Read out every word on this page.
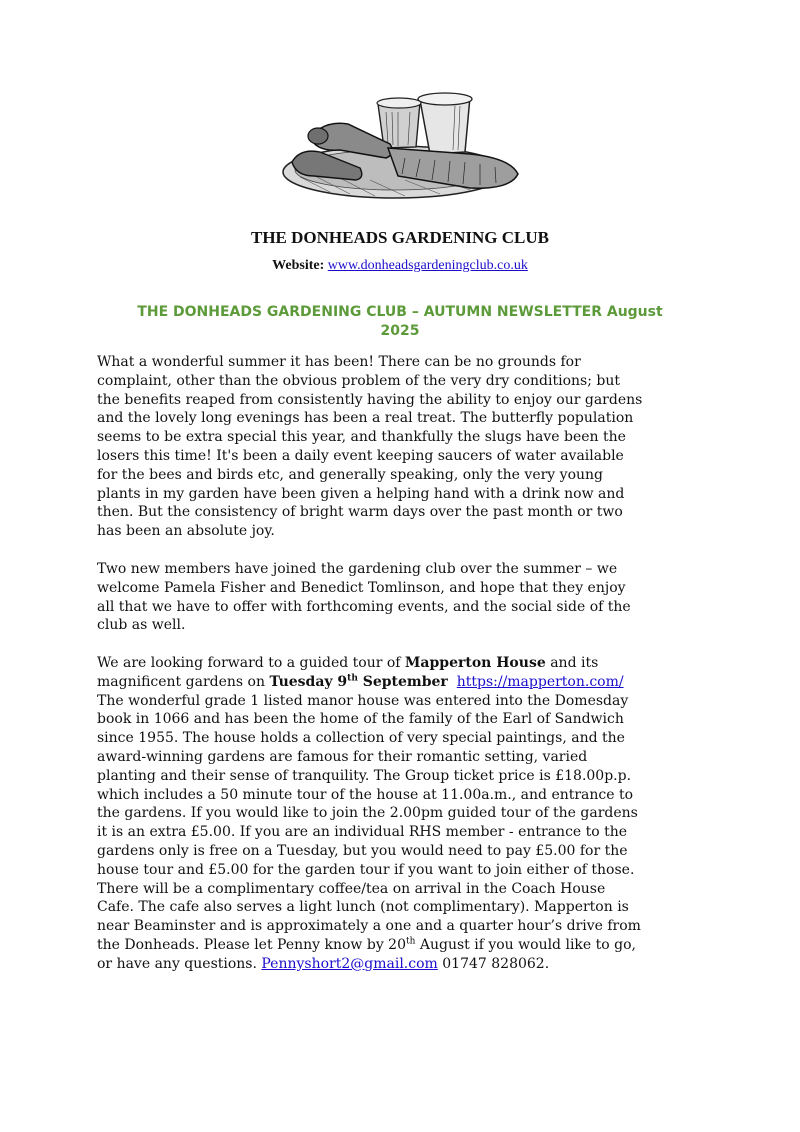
THE DONHEADS GARDENING CLUB
Website: www.donheadsgardeningclub.co.uk
THE DONHEADS GARDENING CLUB – AUTUMN NEWSLETTER August
2025

What a wonderful summer it has been! There can be no grounds for
complaint, other than the obvious problem of the very dry conditions; but
the benefits reaped from consistently having the ability to enjoy our gardens
and the lovely long evenings has been a real treat. The butterfly population
seems to be extra special this year, and thankfully the slugs have been the
losers this time! It's been a daily event keeping saucers of water available
for the bees and birds etc, and generally speaking, only the very young
plants in my garden have been given a helping hand with a drink now and
then. But the consistency of bright warm days over the past month or two
has been an absolute joy.

Two new members have joined the gardening club over the summer – we
welcome Pamela Fisher and Benedict Tomlinson, and hope that they enjoy
all that we have to offer with forthcoming events, and the social side of the
club as well.

We are looking forward to a guided tour of Mapperton House and its
magnificent gardens on Tuesday 9th September https://mapperton.com/
The wonderful grade 1 listed manor house was entered into the Domesday
book in 1066 and has been the home of the family of the Earl of Sandwich
since 1955. The house holds a collection of very special paintings, and the
award-winning gardens are famous for their romantic setting, varied
planting and their sense of tranquility. The Group ticket price is £18.00p.p.
which includes a 50 minute tour of the house at 11.00a.m., and entrance to
the gardens. If you would like to join the 2.00pm guided tour of the gardens
it is an extra £5.00. If you are an individual RHS member - entrance to the
gardens only is free on a Tuesday, but you would need to pay £5.00 for the
house tour and £5.00 for the garden tour if you want to join either of those.
There will be a complimentary coffee/tea on arrival in the Coach House
Cafe. The cafe also serves a light lunch (not complimentary). Mapperton is
near Beaminster and is approximately a one and a quarter hour’s drive from
the Donheads. Please let Penny know by 20th August if you would like to go,
or have any questions. Pennyshort2@gmail.com 01747 828062.
